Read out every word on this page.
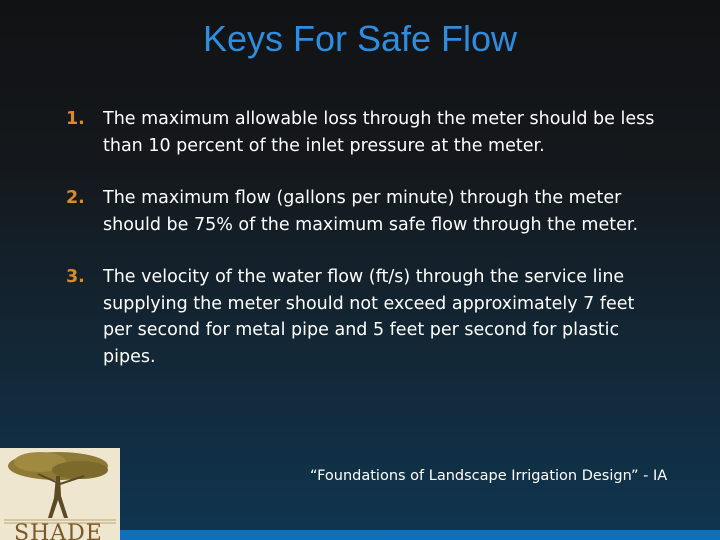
Keys For Safe Flow
1. The maximum allowable loss through the meter should be less than 10 percent of the inlet pressure at the meter.
2. The maximum flow (gallons per minute) through the meter should be 75% of the maximum safe flow through the meter.
3. The velocity of the water flow (ft/s) through the service line supplying the meter should not exceed approximately 7 feet per second for metal pipe and 5 feet per second for plastic pipes.
“Foundations of Landscape Irrigation Design” - IA
SHADE
